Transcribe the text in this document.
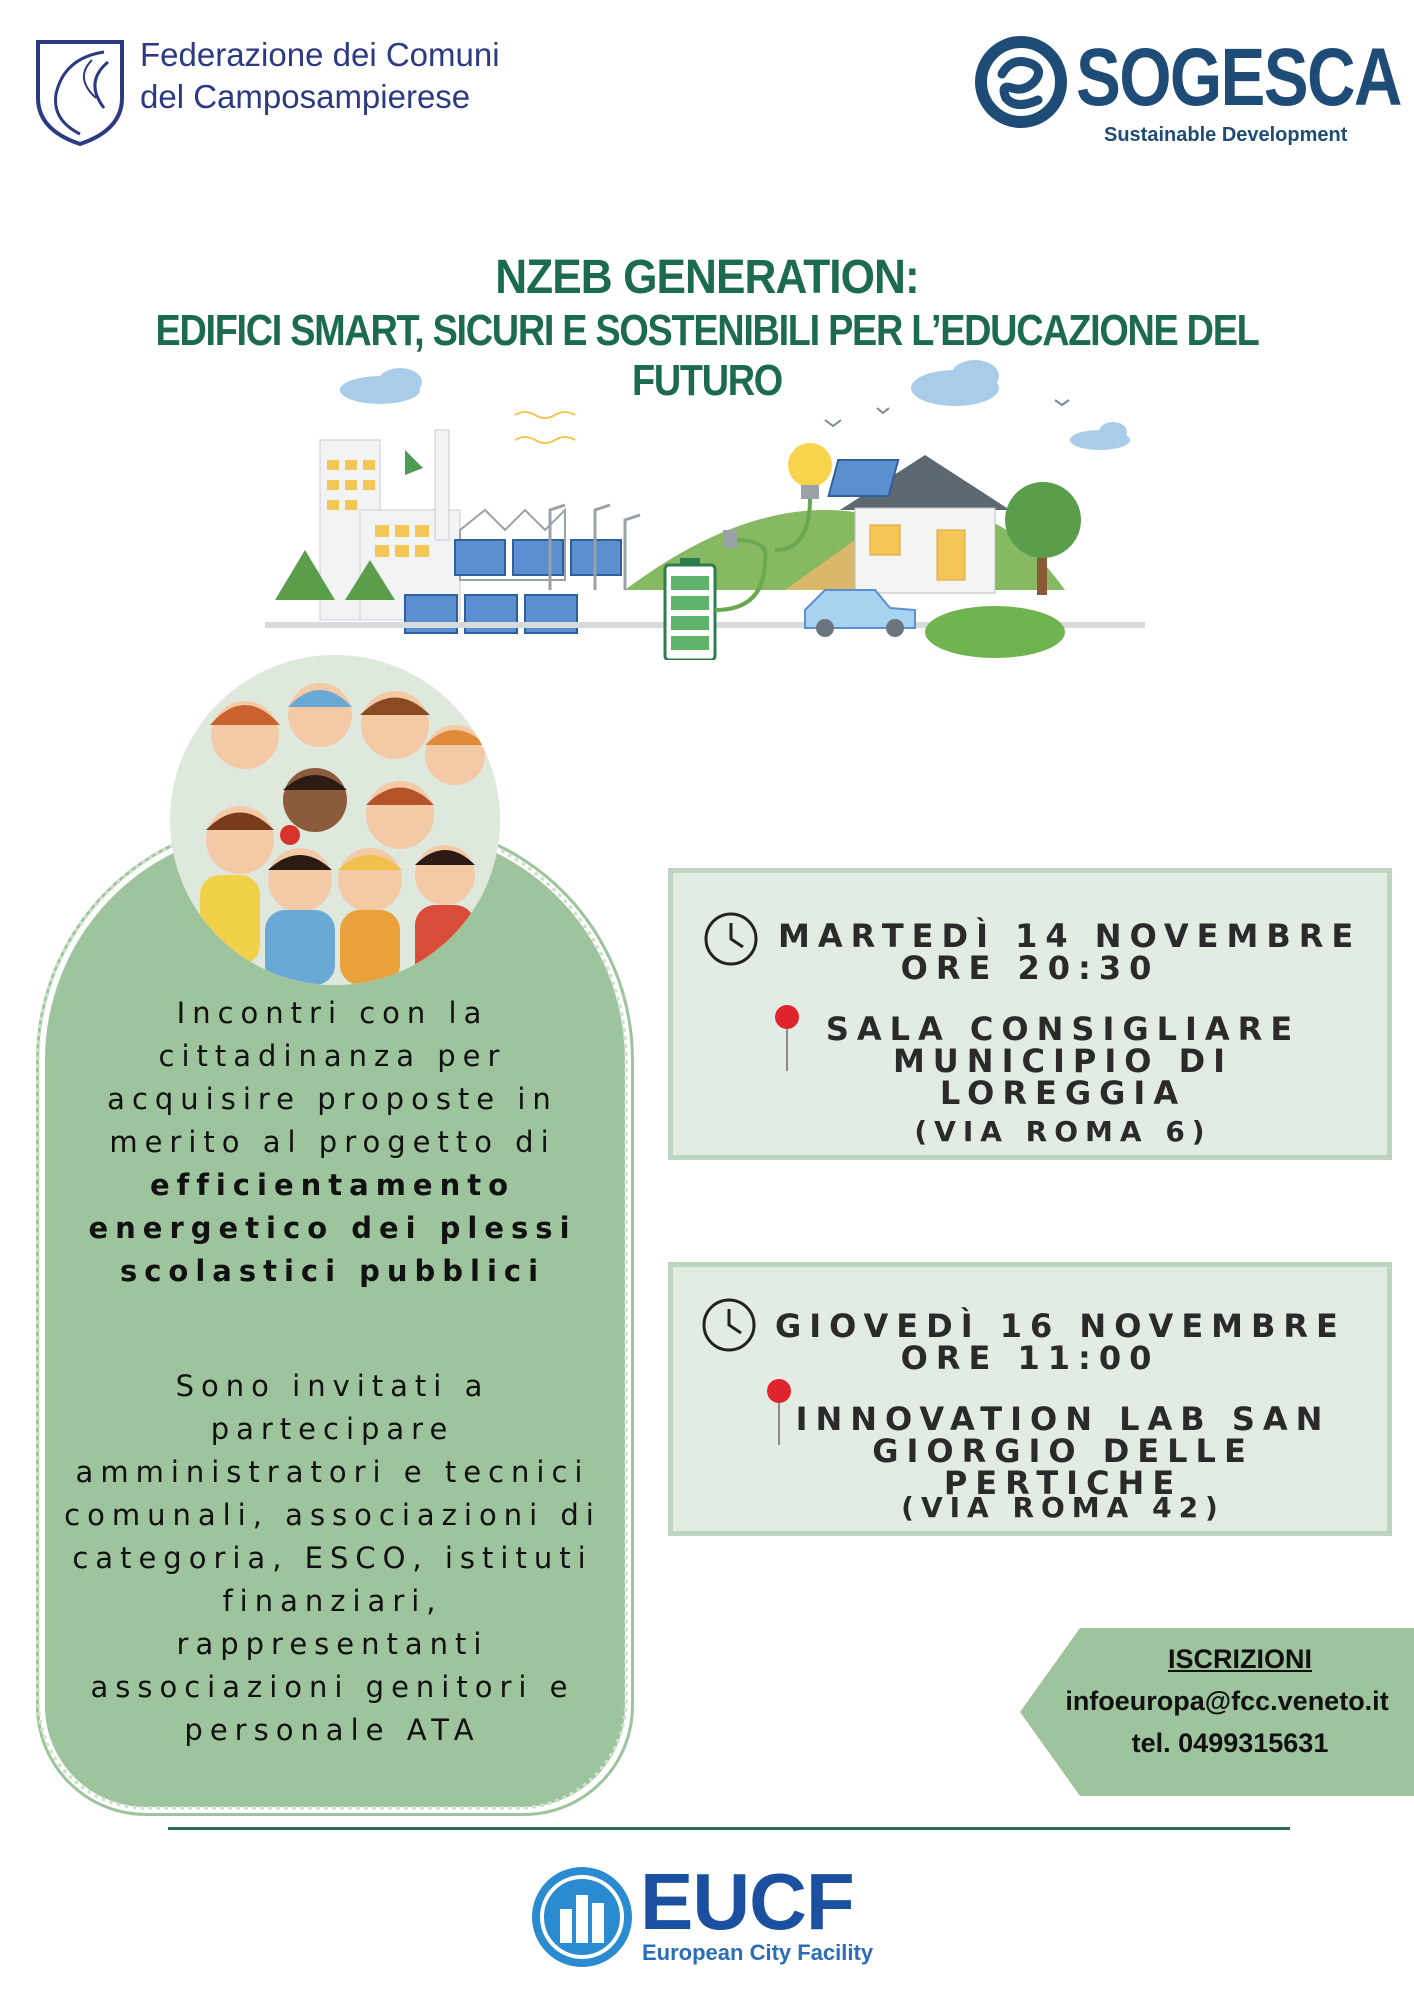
Federazione dei Comuni
del Camposampierese	SOGESCA
Sustainable Development
NZEB GENERATION:
EDIFICI SMART, SICURI E SOSTENIBILI PER L’EDUCAZIONE DEL FUTURO
Incontri con la cittadinanza per acquisire proposte in merito al progetto di efficientamento energetico dei plessi scolastici pubblici
Sono invitati a partecipare amministratori e tecnici comunali, associazioni di categoria, ESCO, istituti finanziari, rappresentanti associazioni genitori e personale ATA
MARTEDÌ 14 NOVEMBRE
ORE 20:30
SALA CONSIGLIARE
MUNICIPIO DI
LOREGGIA
(VIA ROMA 6)
GIOVEDÌ 16 NOVEMBRE
ORE 11:00
INNOVATION LAB SAN
GIORGIO DELLE
PERTICHE
(VIA ROMA 42)
ISCRIZIONI
infoeuropa@fcc.veneto.it
tel. 0499315631
EUCF
European City Facility
